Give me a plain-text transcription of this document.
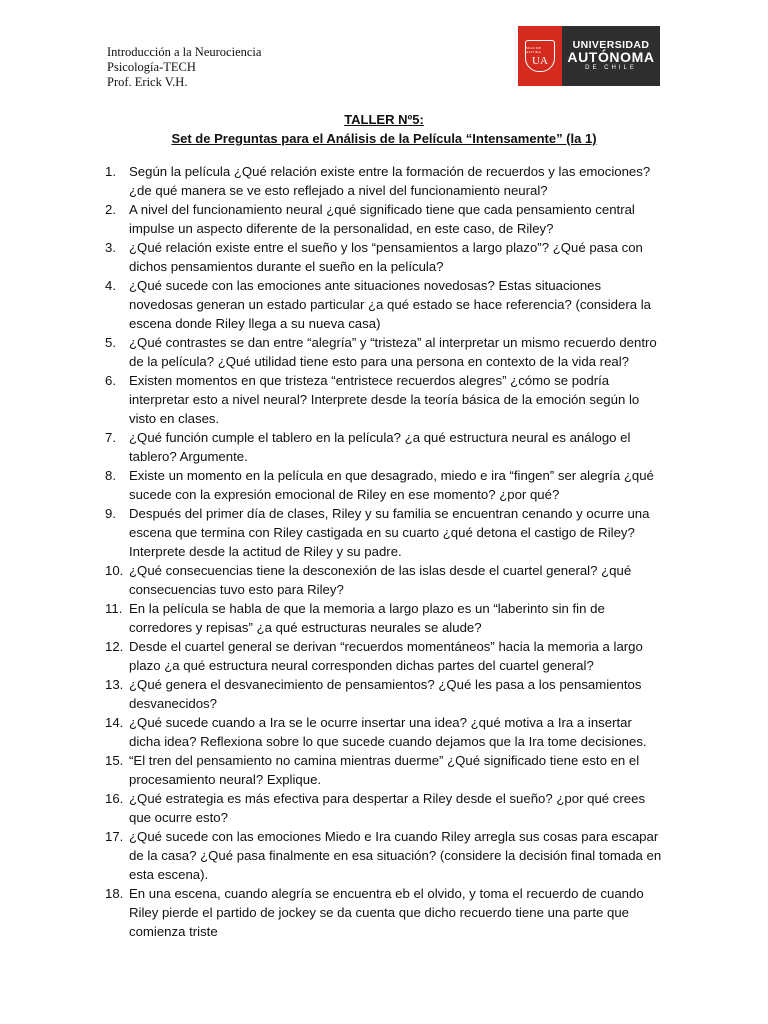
Introducción a la Neurociencia
Psicología-TECH
Prof. Erick V.H.
SIGO DE ALTURA
UA
UNIVERSIDAD
AUTÓNOMA
DE CHILE
TALLER Nº5:
Set de Preguntas para el Análisis de la Película “Intensamente” (la 1)
1. Según la película ¿Qué relación existe entre la formación de recuerdos y las emociones? ¿de qué manera se ve esto reflejado a nivel del funcionamiento neural?
2. A nivel del funcionamiento neural ¿qué significado tiene que cada pensamiento central impulse un aspecto diferente de la personalidad, en este caso, de Riley?
3. ¿Qué relación existe entre el sueño y los “pensamientos a largo plazo”? ¿Qué pasa con dichos pensamientos durante el sueño en la película?
4. ¿Qué sucede con las emociones ante situaciones novedosas? Estas situaciones novedosas generan un estado particular ¿a qué estado se hace referencia? (considera la escena donde Riley llega a su nueva casa)
5. ¿Qué contrastes se dan entre “alegría” y “tristeza” al interpretar un mismo recuerdo dentro de la película? ¿Qué utilidad tiene esto para una persona en contexto de la vida real?
6. Existen momentos en que tristeza “entristece recuerdos alegres” ¿cómo se podría interpretar esto a nivel neural? Interprete desde la teoría básica de la emoción según lo visto en clases.
7. ¿Qué función cumple el tablero en la película? ¿a qué estructura neural es análogo el tablero? Argumente.
8. Existe un momento en la película en que desagrado, miedo e ira “fingen” ser alegría ¿qué sucede con la expresión emocional de Riley en ese momento? ¿por qué?
9. Después del primer día de clases, Riley y su familia se encuentran cenando y ocurre una escena que termina con Riley castigada en su cuarto ¿qué detona el castigo de Riley? Interprete desde la actitud de Riley y su padre.
10. ¿Qué consecuencias tiene la desconexión de las islas desde el cuartel general? ¿qué consecuencias tuvo esto para Riley?
11. En la película se habla de que la memoria a largo plazo es un “laberinto sin fin de corredores y repisas” ¿a qué estructuras neurales se alude?
12. Desde el cuartel general se derivan “recuerdos momentáneos” hacia la memoria a largo plazo ¿a qué estructura neural corresponden dichas partes del cuartel general?
13. ¿Qué genera el desvanecimiento de pensamientos? ¿Qué les pasa a los pensamientos desvanecidos?
14. ¿Qué sucede cuando a Ira se le ocurre insertar una idea? ¿qué motiva a Ira a insertar dicha idea? Reflexiona sobre lo que sucede cuando dejamos que la Ira tome decisiones.
15. “El tren del pensamiento no camina mientras duerme” ¿Qué significado tiene esto en el procesamiento neural? Explique.
16. ¿Qué estrategia es más efectiva para despertar a Riley desde el sueño? ¿por qué crees que ocurre esto?
17. ¿Qué sucede con las emociones Miedo e Ira cuando Riley arregla sus cosas para escapar de la casa? ¿Qué pasa finalmente en esa situación? (considere la decisión final tomada en esta escena).
18. En una escena, cuando alegría se encuentra eb el olvido, y toma el recuerdo de cuando Riley pierde el partido de jockey se da cuenta que dicho recuerdo tiene una parte que comienza triste
